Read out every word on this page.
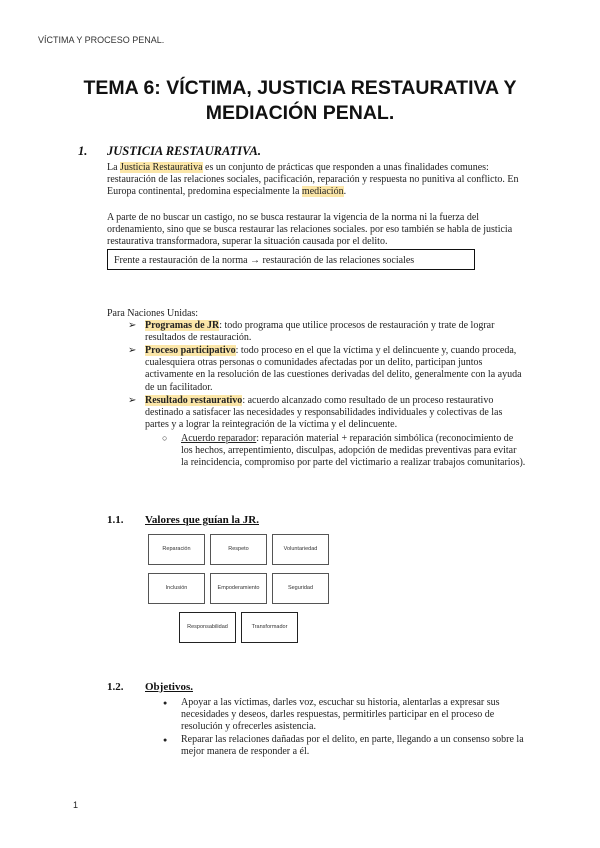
VÍCTIMA Y PROCESO PENAL.
TEMA 6: VÍCTIMA, JUSTICIA RESTAURATIVA Y
MEDIACIÓN PENAL.
1. JUSTICIA RESTAURATIVA.
La Justicia Restaurativa es un conjunto de prácticas que responden a unas finalidades comunes: restauración de las relaciones sociales, pacificación, reparación y respuesta no punitiva al conflicto. En Europa continental, predomina especialmente la mediación.
A parte de no buscar un castigo, no se busca restaurar la vigencia de la norma ni la fuerza del ordenamiento, sino que se busca restaurar las relaciones sociales. por eso también se habla de justicia restaurativa transformadora, superar la situación causada por el delito.
Frente a restauración de la norma → restauración de las relaciones sociales
Para Naciones Unidas:
➢ Programas de JR: todo programa que utilice procesos de restauración y trate de lograr resultados de restauración.
➢ Proceso participativo: todo proceso en el que la víctima y el delincuente y, cuando proceda, cualesquiera otras personas o comunidades afectadas por un delito, participan juntos activamente en la resolución de las cuestiones derivadas del delito, generalmente con la ayuda de un facilitador.
➢ Resultado restaurativo: acuerdo alcanzado como resultado de un proceso restaurativo destinado a satisfacer las necesidades y responsabilidades individuales y colectivas de las partes y a lograr la reintegración de la víctima y el delincuente.
○ Acuerdo reparador: reparación material + reparación simbólica (reconocimiento de los hechos, arrepentimiento, disculpas, adopción de medidas preventivas para evitar la reincidencia, compromiso por parte del victimario a realizar trabajos comunitarios).
1.1. Valores que guían la JR.
Reparación	Respeto	Voluntariedad
Inclusión	Empoderamiento	Seguridad
Responsabilidad	Transformador
1.2. Objetivos.
● Apoyar a las víctimas, darles voz, escuchar su historia, alentarlas a expresar sus necesidades y deseos, darles respuestas, permitirles participar en el proceso de resolución y ofrecerles asistencia.
● Reparar las relaciones dañadas por el delito, en parte, llegando a un consenso sobre la mejor manera de responder a él.
1
